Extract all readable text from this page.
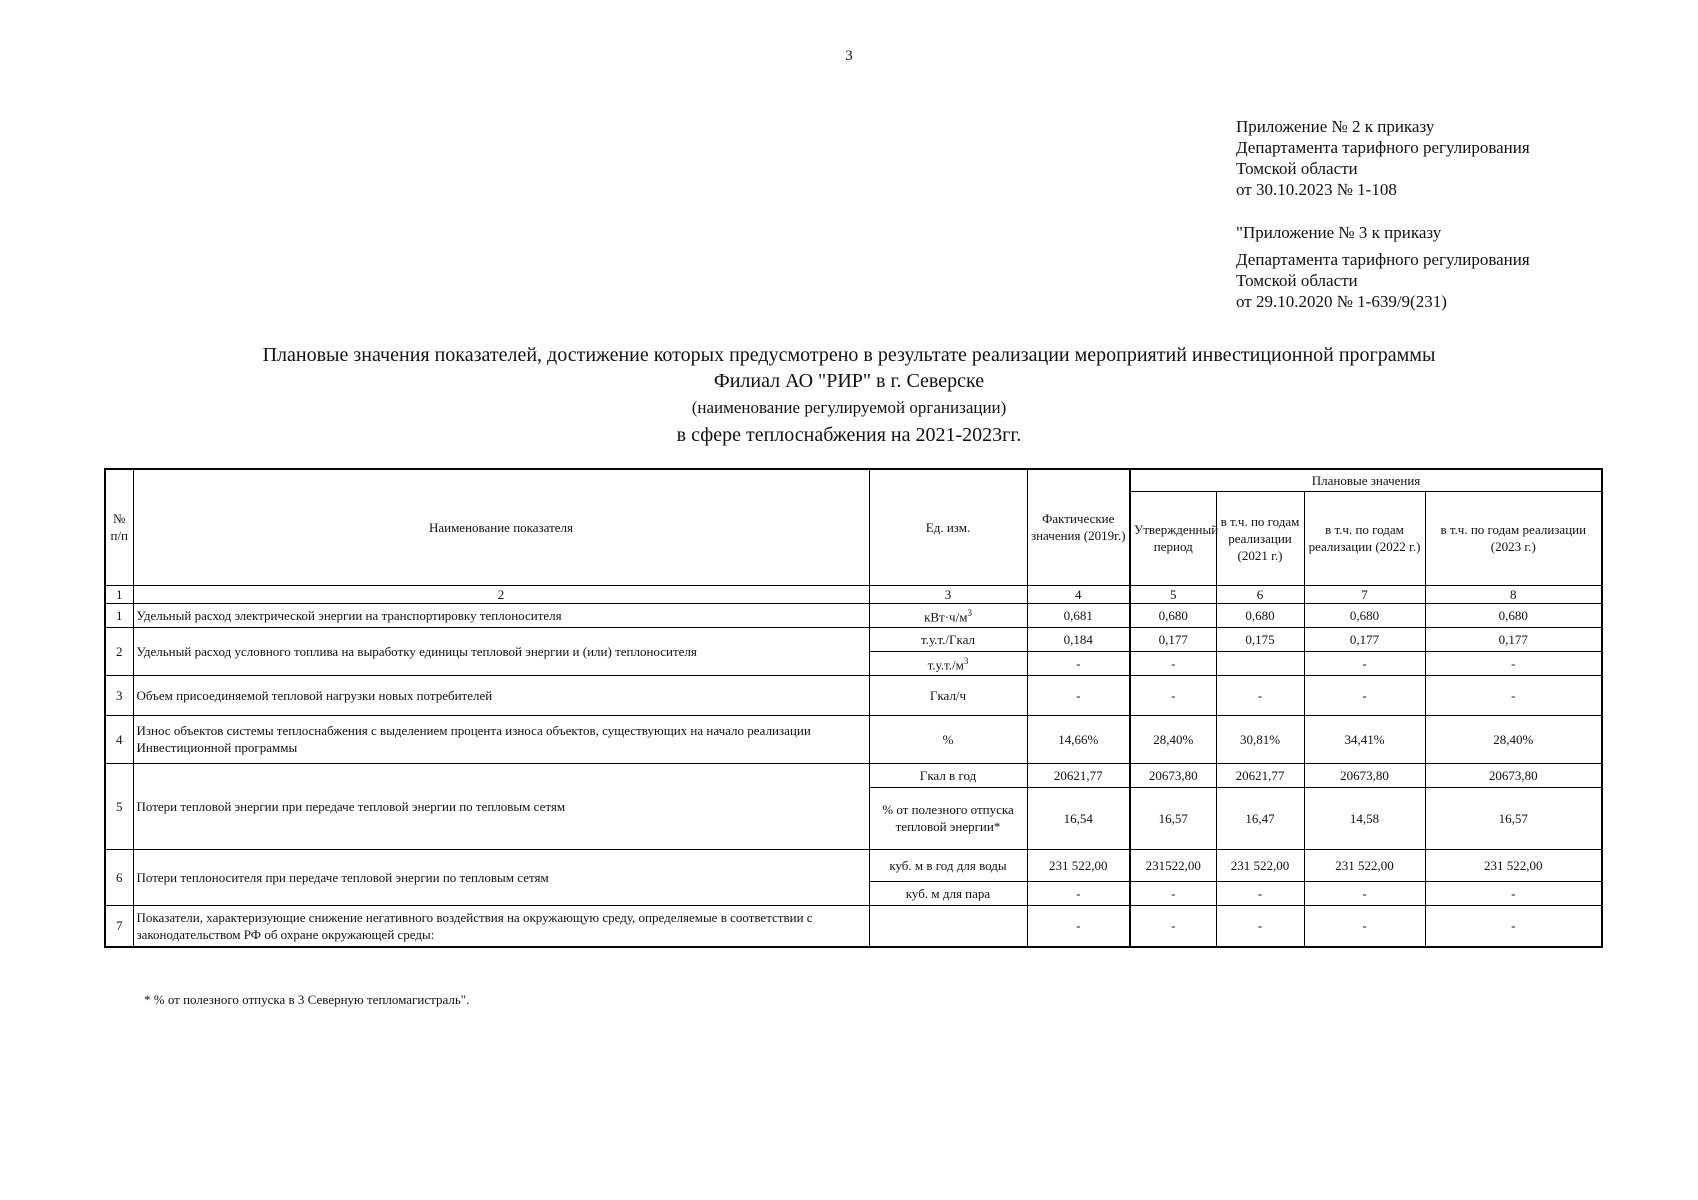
3
Приложение № 2 к приказу
Департамента тарифного регулирования
Томской области
от 30.10.2023 № 1-108
"Приложение № 3 к приказу
Департамента тарифного регулирования
Томской области
от 29.10.2020 № 1-639/9(231)
Плановые значения показателей, достижение которых предусмотрено в результате реализации мероприятий инвестиционной программы
Филиал АО "РИР" в г. Северске
(наименование регулируемой организации)
в сфере теплоснабжения на 2021-2023гг.
№ п/п	Наименование показателя	Ед. изм.	Фактические значения (2019г.)	Плановые значения			
				Утвержденный период	в т.ч. по годам реализации (2021 г.)	в т.ч. по годам реализации (2022 г.)	в т.ч. по годам реализации (2023 г.)
1	2	3	4	5	6	7	8
1	Удельный расход электрической энергии на транспортировку теплоносителя	$кВт\cdot ч/м^3$	0,681	0,680	0,680	0,680	0,680
2	Удельный расход условного топлива на выработку единицы тепловой энергии и (или) теплоносителя	т.у.т./Гкал	0,184	0,177	0,175	0,177	0,177
		$т.у.т./м^3$	-	-		-	-
3	Объем присоединяемой тепловой нагрузки новых потребителей	Гкал/ч	-	-	-	-	-
4	Износ объектов системы теплоснабжения с выделением процента износа объектов, существующих на начало реализации Инвестиционной программы	%	14,66%	28,40%	30,81%	34,41%	28,40%
5	Потери тепловой энергии при передаче тепловой энергии по тепловым сетям	Гкал в год	20621,77	20673,80	20621,77	20673,80	20673,80
		% от полезного отпуска тепловой энергии*	16,54	16,57	16,47	14,58	16,57
6	Потери теплоносителя при передаче тепловой энергии по тепловым сетям	куб. м в год для воды	231 522,00	231522,00	231 522,00	231 522,00	231 522,00
		куб. м для пара	-	-	-	-	-
7	Показатели, характеризующие снижение негативного воздействия на окружающую среду, определяемые в соответствии с законодательством РФ об охране окружающей среды:		-	-	-	-	-
* % от полезного отпуска в 3 Северную тепломагистраль".
